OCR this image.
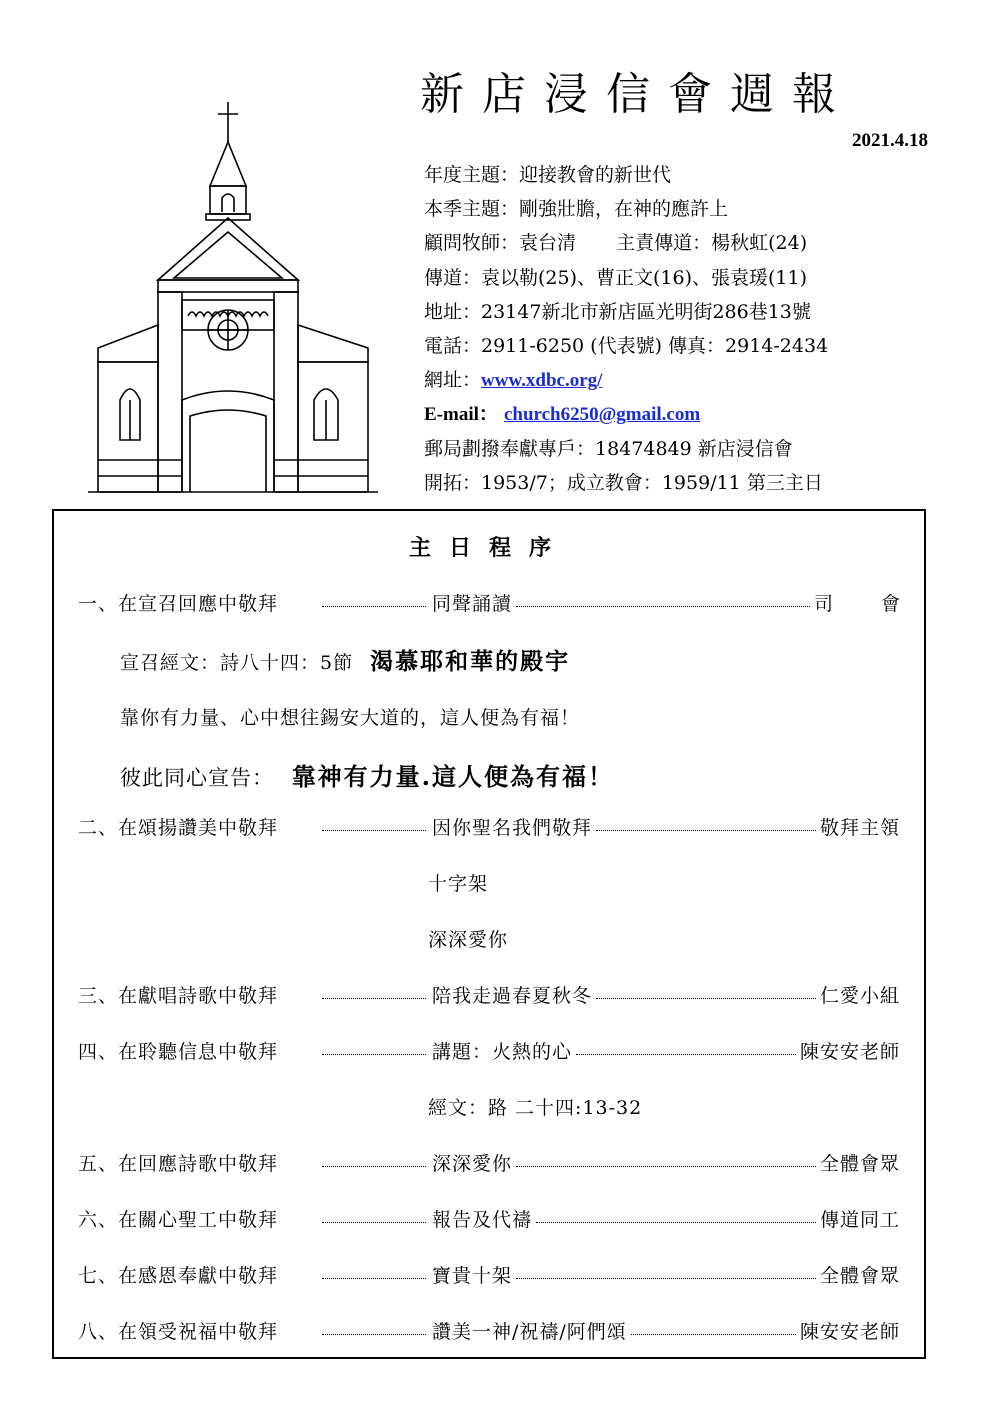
新店浸信會週報
2021.4.18
年度主題：迎接教會的新世代
本季主題：剛強壯膽，在神的應許上
顧問牧師：袁台清 主責傳道：楊秋虹(24)
傳道：袁以勒(25)、曹正文(16)、張袁瑗(11)
地址：23147新北市新店區光明街286巷13號
電話：2911-6250 (代表號) 傳真：2914-2434
網址：www.xdbc.org/
E-mail： church6250@gmail.com
郵局劃撥奉獻專戶：18474849 新店浸信會
開拓：1953/7；成立教會：1959/11 第三主日
主日程序
一、在宣召回應中敬拜	同聲誦讀	司會
宣召經文：詩八十四：5節 渴慕耶和華的殿宇
靠你有力量、心中想往錫安大道的，這人便為有福！
彼此同心宣告： 靠神有力量.這人便為有福！
二、在頌揚讚美中敬拜	因你聖名我們敬拜	敬拜主領
十字架
深深愛你
三、在獻唱詩歌中敬拜	陪我走過春夏秋冬	仁愛小組
四、在聆聽信息中敬拜	講題：火熱的心	陳安安老師
經文：路 二十四:13-32
五、在回應詩歌中敬拜	深深愛你	全體會眾
六、在關心聖工中敬拜	報告及代禱	傳道同工
七、在感恩奉獻中敬拜	寶貴十架	全體會眾
八、在領受祝福中敬拜	讚美一神/祝禱/阿們頌	陳安安老師
